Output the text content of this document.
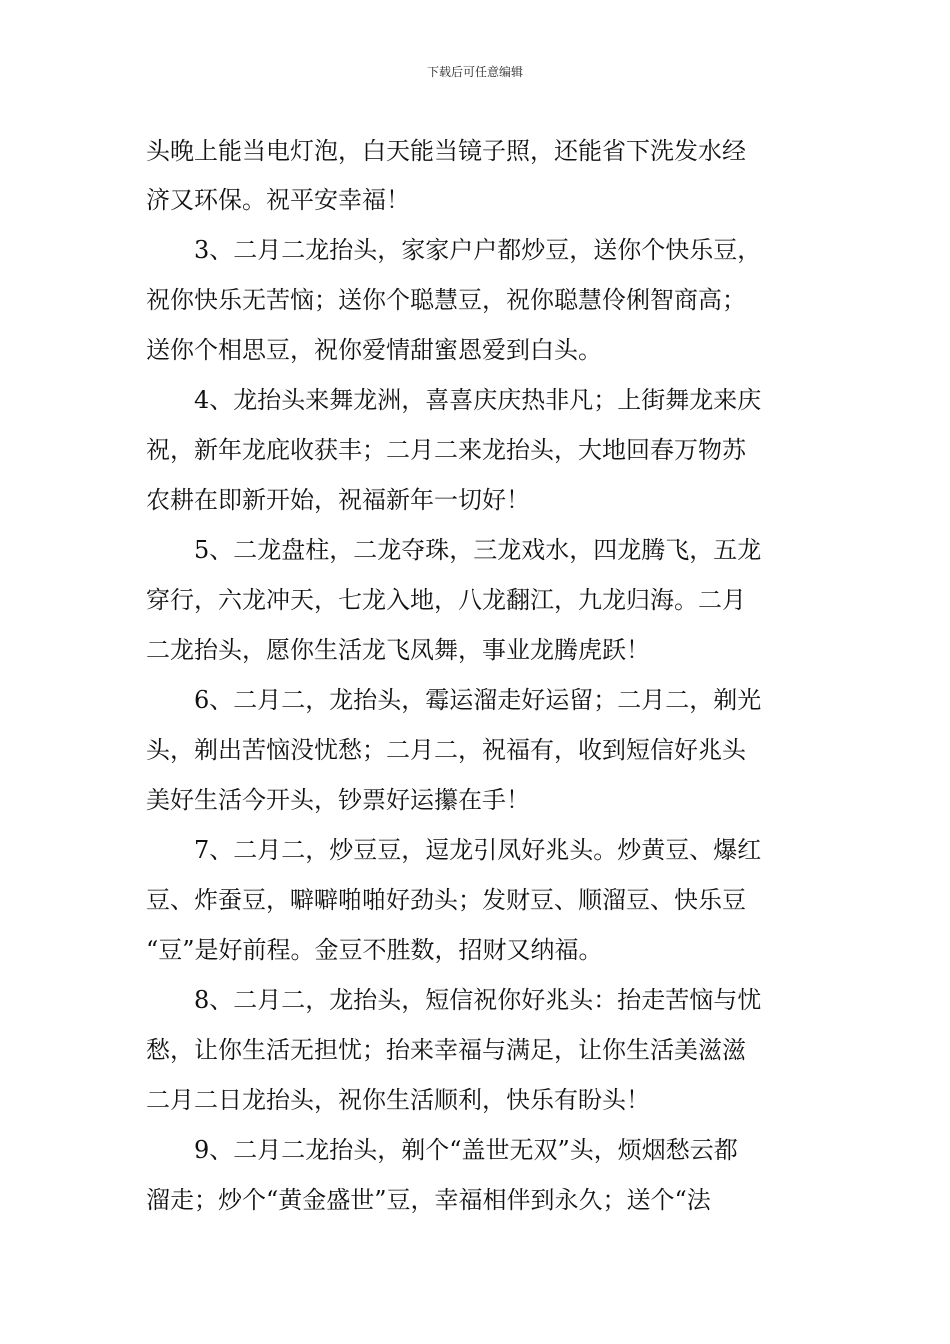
下载后可任意编辑
头晚上能当电灯泡，白天能当镜子照，还能省下洗发水经
济又环保。祝平安幸福！
　　3、二月二龙抬头，家家户户都炒豆，送你个快乐豆，
祝你快乐无苦恼；送你个聪慧豆，祝你聪慧伶俐智商高；
送你个相思豆，祝你爱情甜蜜恩爱到白头。
　　4、龙抬头来舞龙洲，喜喜庆庆热非凡；上街舞龙来庆
祝，新年龙庇收获丰；二月二来龙抬头，大地回春万物苏
农耕在即新开始，祝福新年一切好！
　　5、二龙盘柱，二龙夺珠，三龙戏水，四龙腾飞，五龙
穿行，六龙冲天，七龙入地，八龙翻江，九龙归海。二月
二龙抬头，愿你生活龙飞凤舞，事业龙腾虎跃！
　　6、二月二，龙抬头，霉运溜走好运留；二月二，剃光
头，剃出苦恼没忧愁；二月二，祝福有，收到短信好兆头
美好生活今开头，钞票好运攥在手！
　　7、二月二，炒豆豆，逗龙引凤好兆头。炒黄豆、爆红
豆、炸蚕豆，噼噼啪啪好劲头；发财豆、顺溜豆、快乐豆
“豆”是好前程。金豆不胜数，招财又纳福。
　　8、二月二，龙抬头，短信祝你好兆头：抬走苦恼与忧
愁，让你生活无担忧；抬来幸福与满足，让你生活美滋滋
二月二日龙抬头，祝你生活顺利，快乐有盼头！
　　9、二月二龙抬头，剃个“盖世无双”头，烦烟愁云都
溜走；炒个“黄金盛世”豆，幸福相伴到永久；送个“法
